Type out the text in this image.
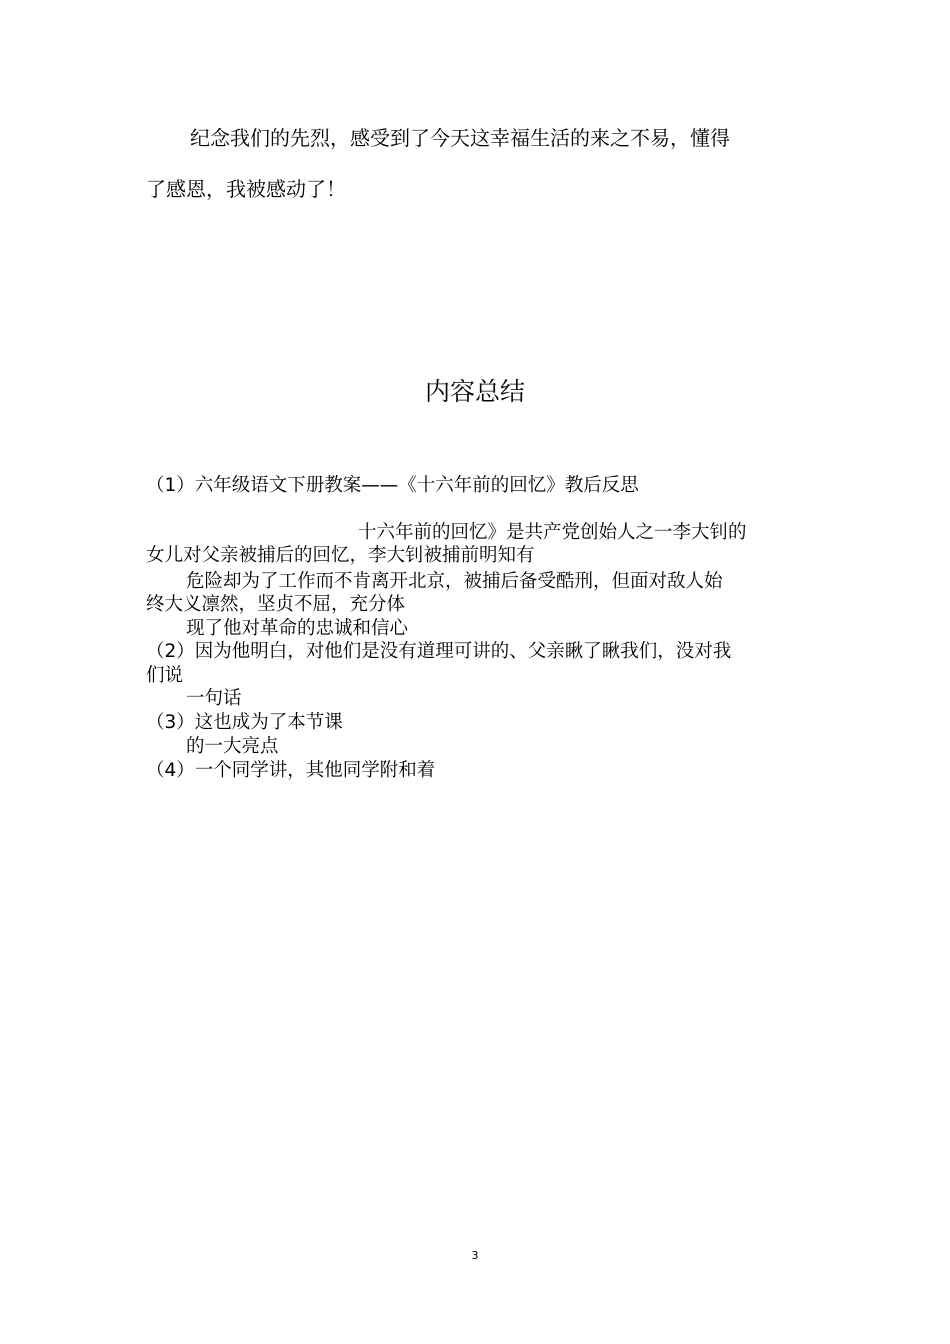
纪念我们的先烈，感受到了今天这幸福生活的来之不易，懂得
了感恩，我被感动了！
内容总结
（1）六年级语文下册教案——《十六年前的回忆》教后反思
十六年前的回忆》是共产党创始人之一李大钊的
女儿对父亲被捕后的回忆，李大钊被捕前明知有
危险却为了工作而不肯离开北京，被捕后备受酷刑，但面对敌人始
终大义凛然，坚贞不屈，充分体
现了他对革命的忠诚和信心
（2）因为他明白，对他们是没有道理可讲的、父亲瞅了瞅我们，没对我
们说
一句话
（3）这也成为了本节课
的一大亮点
（4）一个同学讲，其他同学附和着
3
